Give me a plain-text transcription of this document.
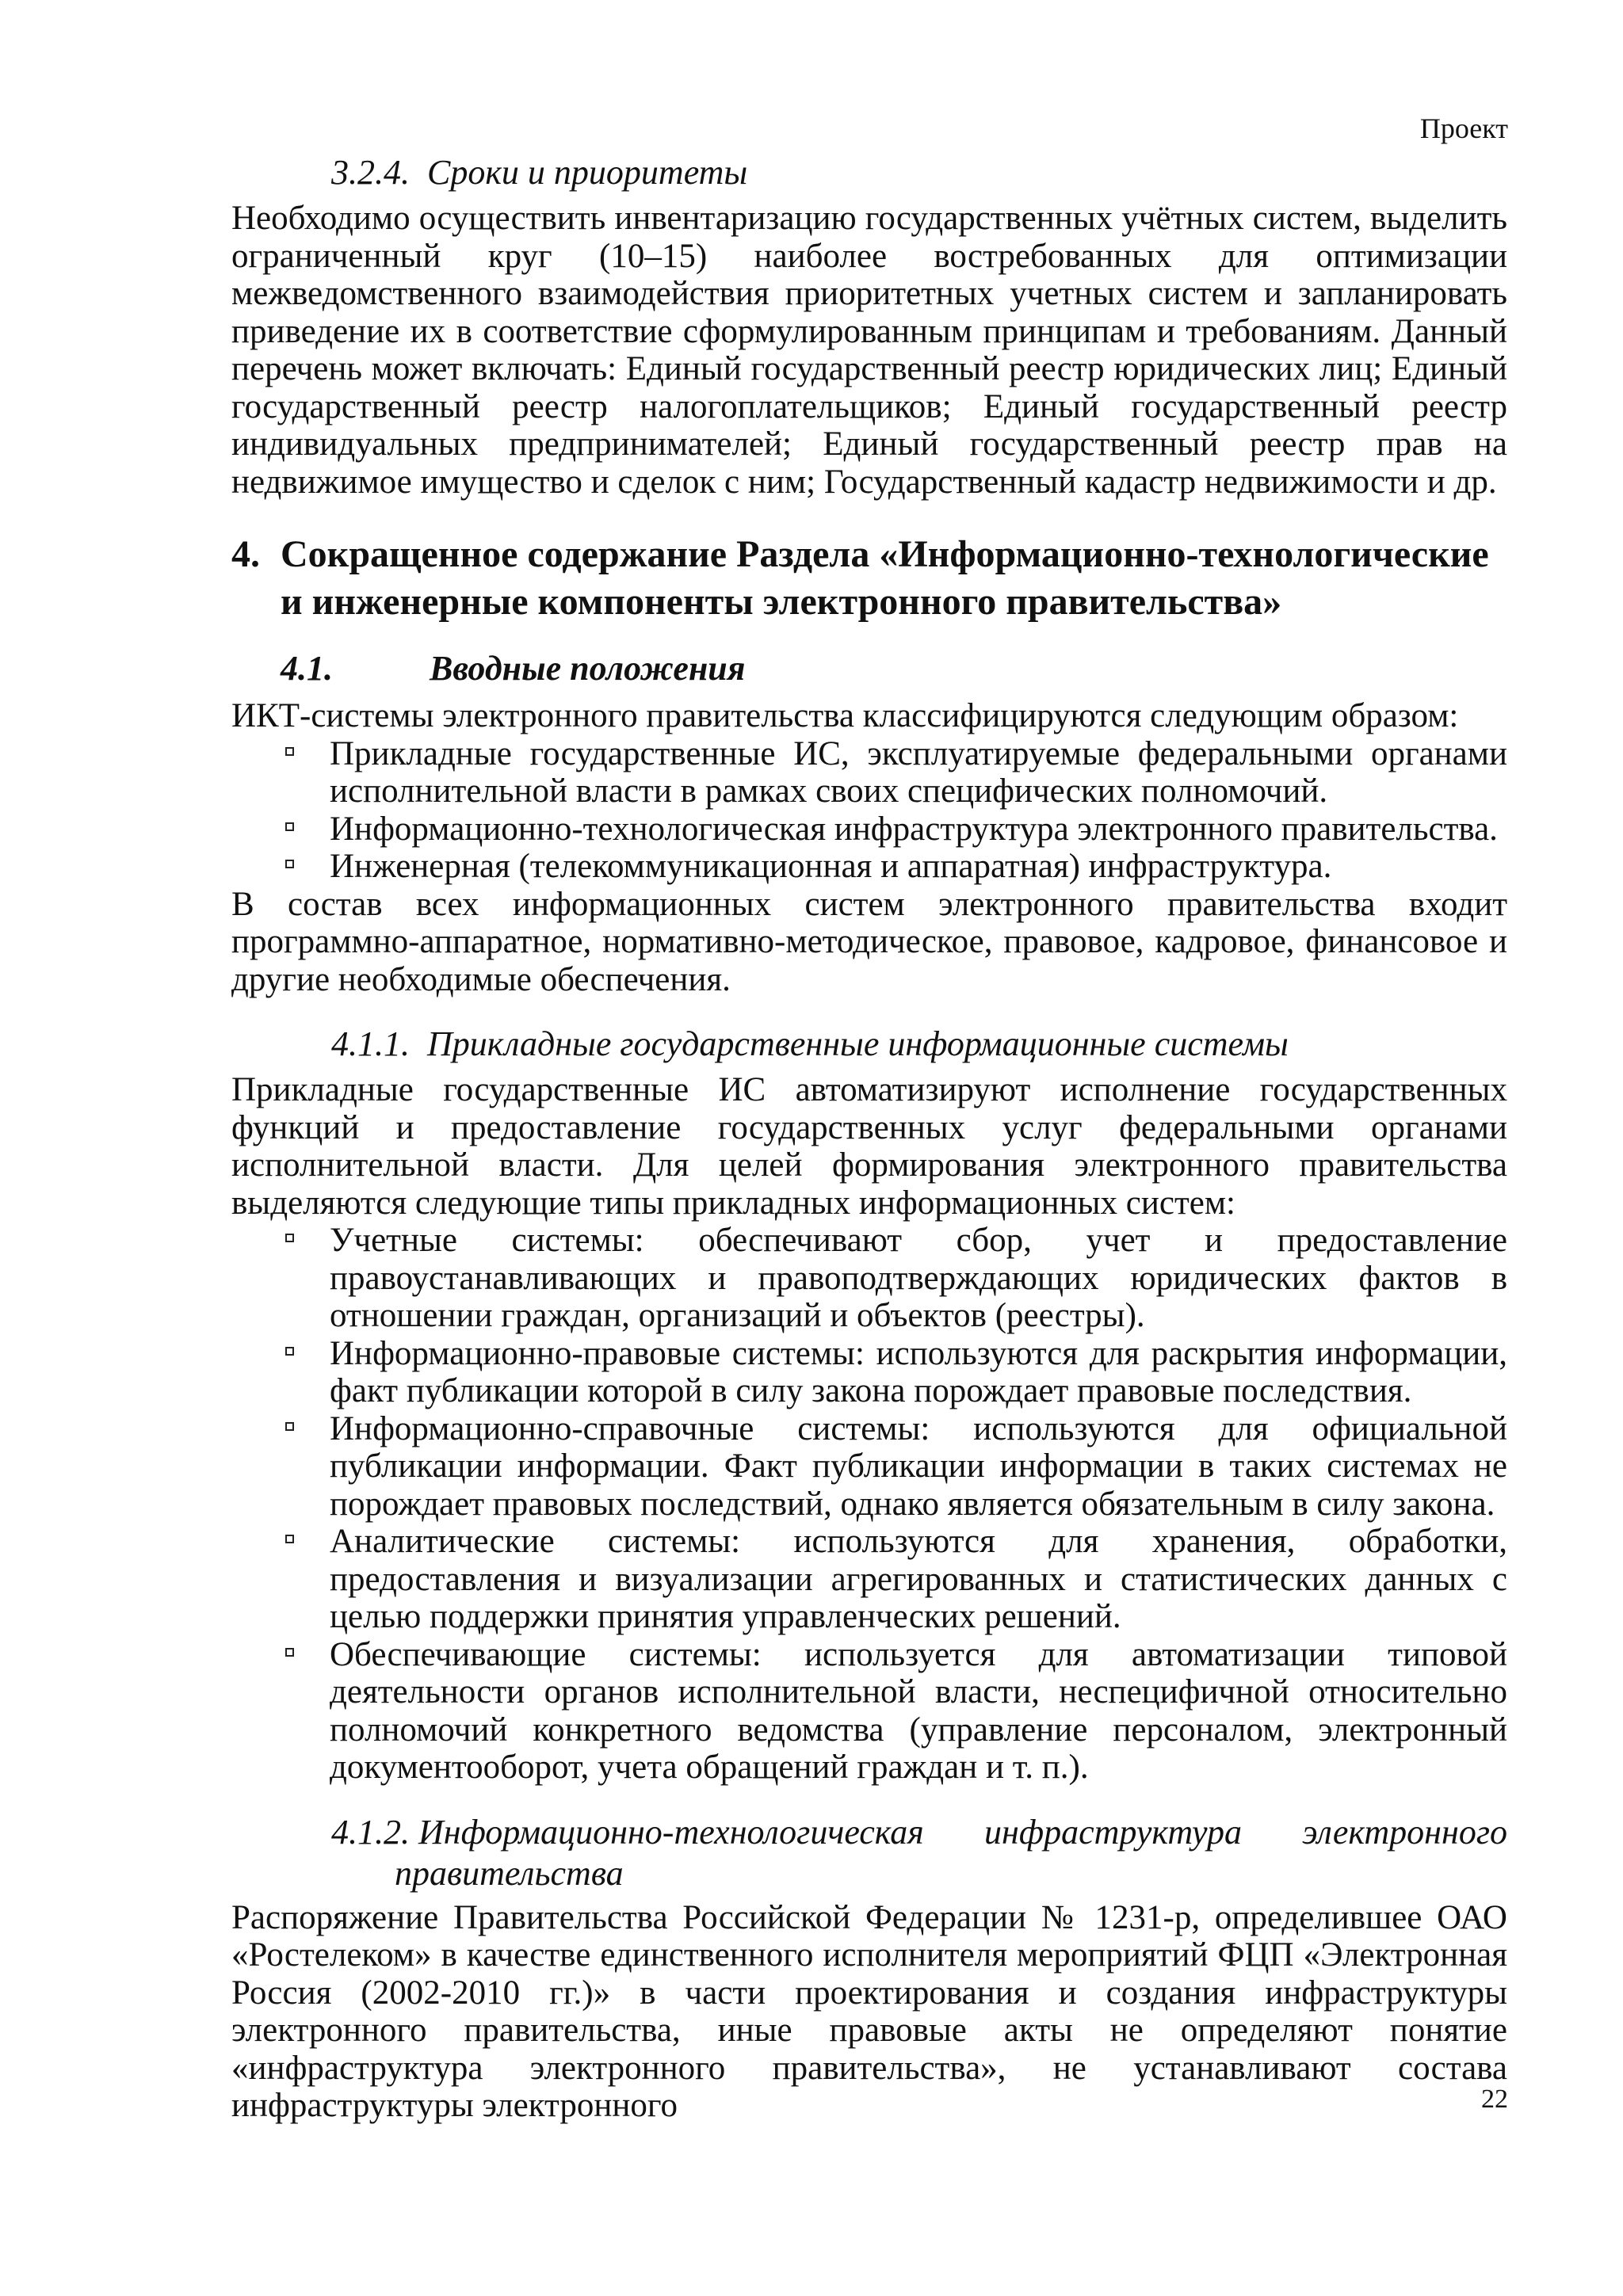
Проект
3.2.4. Сроки и приоритеты

Необходимо осуществить инвентаризацию государственных учётных систем, выделить ограниченный круг (10–15) наиболее востребованных для оптимизации межведомственного взаимодействия приоритетных учетных систем и запланировать приведение их в соответствие сформулированным принципам и требованиям. Данный перечень может включать: Единый государственный реестр юридических лиц; Единый государственный реестр налогоплательщиков; Единый государственный реестр индивидуальных предпринимателей; Единый государственный реестр прав на недвижимое имущество и сделок с ним; Государственный кадастр недвижимости и др.

4. Сокращенное содержание Раздела «Информационно-технологические и инженерные компоненты электронного правительства»
4.1.	Вводные положения

ИКТ-системы электронного правительства классифицируются следующим образом:

Прикладные государственные ИС, эксплуатируемые федеральными органами исполнительной власти в рамках своих специфических полномочий.
Информационно-технологическая инфраструктура электронного правительства.
Инженерная (телекоммуникационная и аппаратная) инфраструктура.

В состав всех информационных систем электронного правительства входит программно-аппаратное, нормативно-методическое, правовое, кадровое, финансовое и другие необходимые обеспечения.

4.1.1. Прикладные государственные информационные системы

Прикладные государственные ИС автоматизируют исполнение государственных функций и предоставление государственных услуг федеральными органами исполнительной власти. Для целей формирования электронного правительства выделяются следующие типы прикладных информационных систем:

Учетные системы: обеспечивают сбор, учет и предоставление правоустанавливающих и правоподтверждающих юридических фактов в отношении граждан, организаций и объектов (реестры).
Информационно-правовые системы: используются для раскрытия информации, факт публикации которой в силу закона порождает правовые последствия.
Информационно-справочные системы: используются для официальной публикации информации. Факт публикации информации в таких системах не порождает правовых последствий, однако является обязательным в силу закона.
Аналитические системы: используются для хранения, обработки, предоставления и визуализации агрегированных и статистических данных с целью поддержки принятия управленческих решений.
Обеспечивающие системы: используется для автоматизации типовой деятельности органов исполнительной власти, неспецифичной относительно полномочий конкретного ведомства (управление персоналом, электронный документооборот, учета обращений граждан и т. п.).
4.1.2. Информационно-технологическая инфраструктура электронного
правительства

Распоряжение Правительства Российской Федерации № 1231-р, определившее ОАО «Ростелеком» в качестве единственного исполнителя мероприятий ФЦП «Электронная Россия (2002-2010 гг.)» в части проектирования и создания инфраструктуры электронного правительства, иные правовые акты не определяют понятие «инфраструктура электронного правительства», не устанавливают состава инфраструктуры электронного	22
